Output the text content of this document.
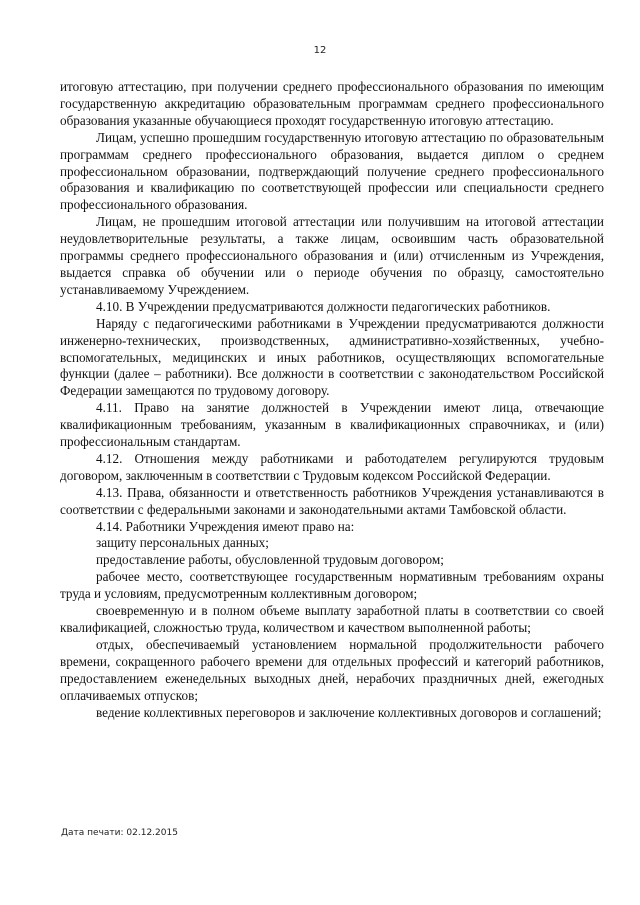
12

итоговую аттестацию, при получении среднего профессионального образования по имеющим государственную аккредитацию образовательным программам среднего профессионального образования указанные обучающиеся проходят государственную итоговую аттестацию.

Лицам, успешно прошедшим государственную итоговую аттестацию по образовательным программам среднего профессионального образования, выдается диплом о среднем профессиональном образовании, подтверждающий получение среднего профессионального образования и квалификацию по соответствующей профессии или специальности среднего профессионального образования.

Лицам, не прошедшим итоговой аттестации или получившим на итоговой аттестации неудовлетворительные результаты, а также лицам, освоившим часть образовательной программы среднего профессионального образования и (или) отчисленным из Учреждения, выдается справка об обучении или о периоде обучения по образцу, самостоятельно устанавливаемому Учреждением.

4.10. В Учреждении предусматриваются должности педагогических работников.

Наряду с педагогическими работниками в Учреждении предусматриваются должности инженерно-технических, производственных, административно-хозяйственных, учебно-вспомогательных, медицинских и иных работников, осуществляющих вспомогательные функции (далее – работники). Все должности в соответствии с законодательством Российской Федерации замещаются по трудовому договору.

4.11. Право на занятие должностей в Учреждении имеют лица, отвечающие квалификационным требованиям, указанным в квалификационных справочниках, и (или) профессиональным стандартам.

4.12. Отношения между работниками и работодателем регулируются трудовым договором, заключенным в соответствии с Трудовым кодексом Российской Федерации.

4.13. Права, обязанности и ответственность работников Учреждения устанавливаются в соответствии с федеральными законами и законодательными актами Тамбовской области.

4.14. Работники Учреждения имеют право на:

защиту персональных данных;

предоставление работы, обусловленной трудовым договором;

рабочее место, соответствующее государственным нормативным требованиям охраны труда и условиям, предусмотренным коллективным договором;

своевременную и в полном объеме выплату заработной платы в соответствии со своей квалификацией, сложностью труда, количеством и качеством выполненной работы;

отдых, обеспечиваемый установлением нормальной продолжительности рабочего времени, сокращенного рабочего времени для отдельных профессий и категорий работников, предоставлением еженедельных выходных дней, нерабочих праздничных дней, ежегодных оплачиваемых отпусков;

ведение коллективных переговоров и заключение коллективных договоров и соглашений;

Дата печати: 02.12.2015
